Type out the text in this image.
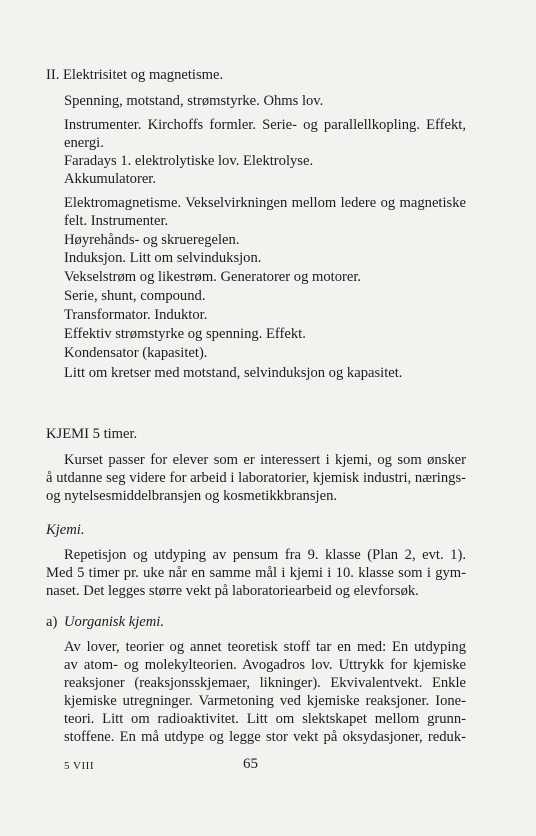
II. Elektrisitet og magnetisme.
Spenning, motstand, strømstyrke. Ohms lov.
Instrumenter. Kirchoffs formler. Serie- og parallellkopling. Effekt,
energi.
Faradays 1. elektrolytiske lov. Elektrolyse.
Akkumulatorer.
Elektromagnetisme. Vekselvirkningen mellom ledere og magnetiske
felt. Instrumenter.
Høyrehånds- og skrueregelen.
Induksjon. Litt om selvinduksjon.
Vekselstrøm og likestrøm. Generatorer og motorer.
Serie, shunt, compound.
Transformator. Induktor.
Effektiv strømstyrke og spenning. Effekt.
Kondensator (kapasitet).
Litt om kretser med motstand, selvinduksjon og kapasitet.
KJEMI 5 timer.
Kurset passer for elever som er interessert i kjemi, og som ønsker
å utdanne seg videre for arbeid i laboratorier, kjemisk industri, nærings-
og nytelsesmiddelbransjen og kosmetikkbransjen.
Kjemi.
Repetisjon og utdyping av pensum fra 9. klasse (Plan 2, evt. 1).
Med 5 timer pr. uke når en samme mål i kjemi i 10. klasse som i gym-
naset. Det legges større vekt på laboratoriearbeid og elevforsøk.
a) Uorganisk kjemi.
Av lover, teorier og annet teoretisk stoff tar en med: En utdyping
av atom- og molekylteorien. Avogadros lov. Uttrykk for kjemiske
reaksjoner (reaksjonsskjemaer, likninger). Ekvivalentvekt. Enkle
kjemiske utregninger. Varmetoning ved kjemiske reaksjoner. Ione-
teori. Litt om radioaktivitet. Litt om slektskapet mellom grunn-
stoffene. En må utdype og legge stor vekt på oksydasjoner, reduk-
5 VIII	65
